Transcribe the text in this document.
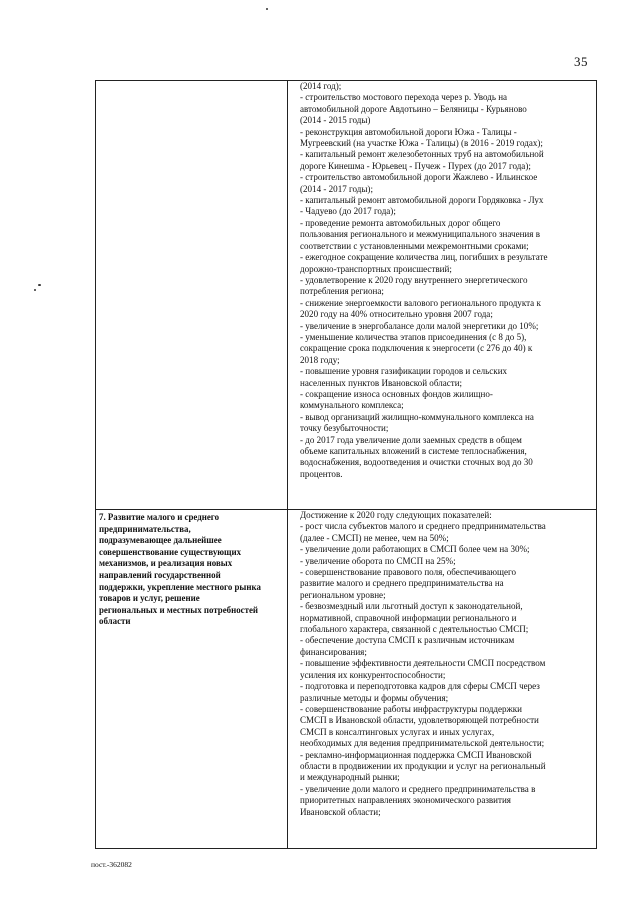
35
(2014 год);
- строительство мостового перехода через р. Уводь на
автомобильной дороге Авдотьино – Беляницы - Курьяново
(2014 - 2015 годы)
- реконструкция автомобильной дороги Южа - Талицы -
Мугреевский (на участке Южа - Талицы) (в 2016 - 2019 годах);
- капитальный ремонт железобетонных труб на автомобильной
дороге Кинешма - Юрьевец - Пучеж - Пурех (до 2017 года);
- строительство автомобильной дороги Жажлево - Ильинское
(2014 - 2017 годы);
- капитальный ремонт автомобильной дороги Гордяковка - Лух
- Чадуево (до 2017 года);
- проведение ремонта автомобильных дорог общего
пользования регионального и межмуниципального значения в
соответствии с установленными межремонтными сроками;
- ежегодное сокращение количества лиц, погибших в результате
дорожно-транспортных происшествий;
- удовлетворение к 2020 году внутреннего энергетического
потребления региона;
- снижение энергоемкости валового регионального продукта к
2020 году на 40% относительно уровня 2007 года;
- увеличение в энергобалансе доли малой энергетики до 10%;
- уменьшение количества этапов присоединения (с 8 до 5),
сокращение срока подключения к энергосети (с 276 до 40) к
2018 году;
- повышение уровня газификации городов и сельских
населенных пунктов Ивановской области;
- сокращение износа основных фондов жилищно-
коммунального комплекса;
- вывод организаций жилищно-коммунального комплекса на
точку безубыточности;
- до 2017 года увеличение доли заемных средств в общем
объеме капитальных вложений в системе теплоснабжения,
водоснабжения, водоотведения и очистки сточных вод до 30
процентов.
7. Развитие малого и среднего
предпринимательства,
подразумевающее дальнейшее
совершенствование существующих
механизмов, и реализация новых
направлений государственной
поддержки, укрепление местного рынка
товаров и услуг, решение
региональных и местных потребностей
области
Достижение к 2020 году следующих показателей:
- рост числа субъектов малого и среднего предпринимательства
(далее - СМСП) не менее, чем на 50%;
- увеличение доли работающих в СМСП более чем на 30%;
- увеличение оборота по СМСП на 25%;
- совершенствование правового поля, обеспечивающего
развитие малого и среднего предпринимательства на
региональном уровне;
- безвозмездный или льготный доступ к законодательной,
нормативной, справочной информации регионального и
глобального характера, связанной с деятельностью СМСП;
- обеспечение доступа СМСП к различным источникам
финансирования;
- повышение эффективности деятельности СМСП посредством
усиления их конкурентоспособности;
- подготовка и переподготовка кадров для сферы СМСП через
различные методы и формы обучения;
- совершенствование работы инфраструктуры поддержки
СМСП в Ивановской области, удовлетворяющей потребности
СМСП в консалтинговых услугах и иных услугах,
необходимых для ведения предпринимательской деятельности;
- рекламно-информационная поддержка СМСП Ивановской
области в продвижении их продукции и услуг на региональный
и международный рынки;
- увеличение доли малого и среднего предпринимательства в
приоритетных направлениях экономического развития
Ивановской области;
пост.-362082
